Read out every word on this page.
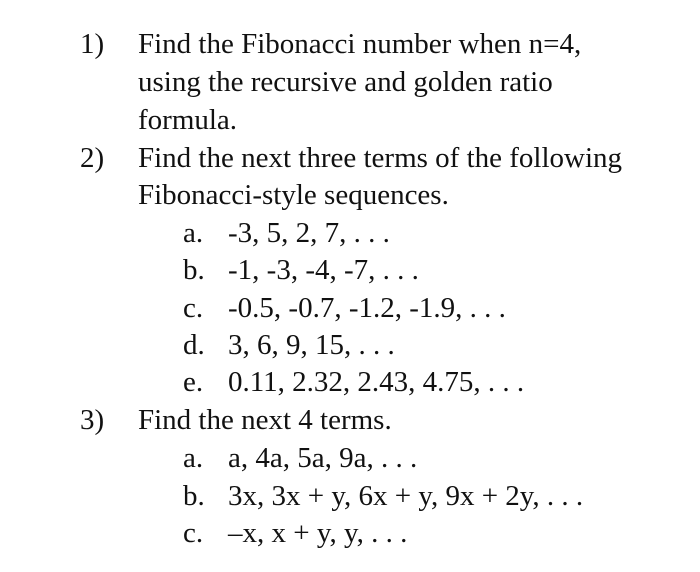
1) Find the Fibonacci number when n=4,
using the recursive and golden ratio
formula.
2) Find the next three terms of the following
Fibonacci-style sequences.
a. -3, 5, 2, 7, . . .
b. -1, -3, -4, -7, . . .
c. -0.5, -0.7, -1.2, -1.9, . . .
d. 3, 6, 9, 15, . . .
e. 0.11, 2.32, 2.43, 4.75, . . .
3) Find the next 4 terms.
a. a, 4a, 5a, 9a, . . .
b. 3x, 3x + y, 6x + y, 9x + 2y, . . .
c. –x, x + y, y, . . .
